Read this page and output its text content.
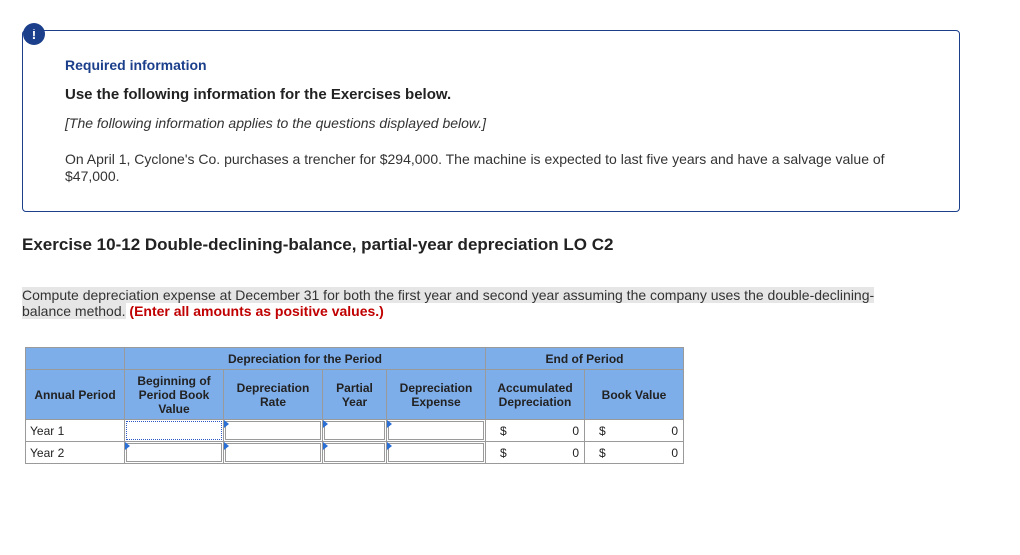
!
Required information
Use the following information for the Exercises below.
[The following information applies to the questions displayed below.]
On April 1, Cyclone's Co. purchases a trencher for $294,000. The machine is expected to last five years and have a salvage value of $47,000.
Exercise 10-12 Double-declining-balance, partial-year depreciation LO C2
Compute depreciation expense at December 31 for both the first year and second year assuming the company uses the double-declining-balance method. (Enter all amounts as positive values.)
	Depreciation for the Period				End of Period	
Annual Period	Beginning of Period Book Value	Depreciation Rate	Partial Year	Depreciation Expense	Accumulated Depreciation	Book Value
Year 1					$ 0	$ 0

Year 2					$ 0	$ 0
